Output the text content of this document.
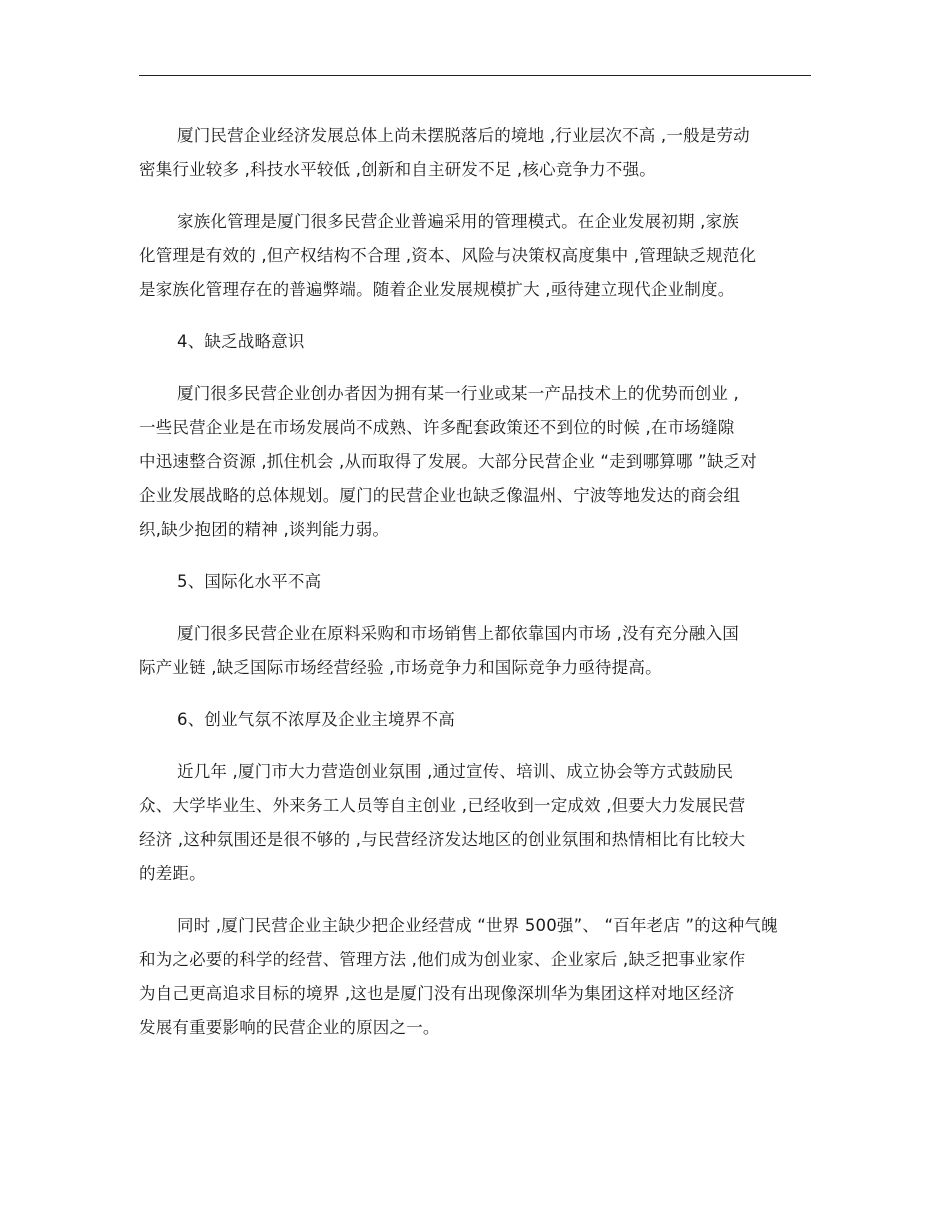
厦门民营企业经济发展总体上尚未摆脱落后的境地 ,行业层次不高 ,一般是劳动
密集行业较多 ,科技水平较低 ,创新和自主研发不足 ,核心竞争力不强。
家族化管理是厦门很多民营企业普遍采用的管理模式。在企业发展初期 ,家族
化管理是有效的 ,但产权结构不合理 ,资本、风险与决策权高度集中 ,管理缺乏规范化
是家族化管理存在的普遍弊端。随着企业发展规模扩大 ,亟待建立现代企业制度。
4、缺乏战略意识
厦门很多民营企业创办者因为拥有某一行业或某一产品技术上的优势而创业 ,
一些民营企业是在市场发展尚不成熟、许多配套政策还不到位的时候 ,在市场缝隙
中迅速整合资源 ,抓住机会 ,从而取得了发展。大部分民营企业 “走到哪算哪 ”缺乏对
企业发展战略的总体规划。厦门的民营企业也缺乏像温州、宁波等地发达的商会组
织,缺少抱团的精神 ,谈判能力弱。
5、国际化水平不高
厦门很多民营企业在原料采购和市场销售上都依靠国内市场 ,没有充分融入国
际产业链 ,缺乏国际市场经营经验 ,市场竞争力和国际竞争力亟待提高。
6、创业气氛不浓厚及企业主境界不高
近几年 ,厦门市大力营造创业氛围 ,通过宣传、培训、成立协会等方式鼓励民
众、大学毕业生、外来务工人员等自主创业 ,已经收到一定成效 ,但要大力发展民营
经济 ,这种氛围还是很不够的 ,与民营经济发达地区的创业氛围和热情相比有比较大
的差距。
同时 ,厦门民营企业主缺少把企业经营成 “世界 500强”、 “百年老店 ”的这种气魄
和为之必要的科学的经营、管理方法 ,他们成为创业家、企业家后 ,缺乏把事业家作
为自己更高追求目标的境界 ,这也是厦门没有出现像深圳华为集团这样对地区经济
发展有重要影响的民营企业的原因之一。
